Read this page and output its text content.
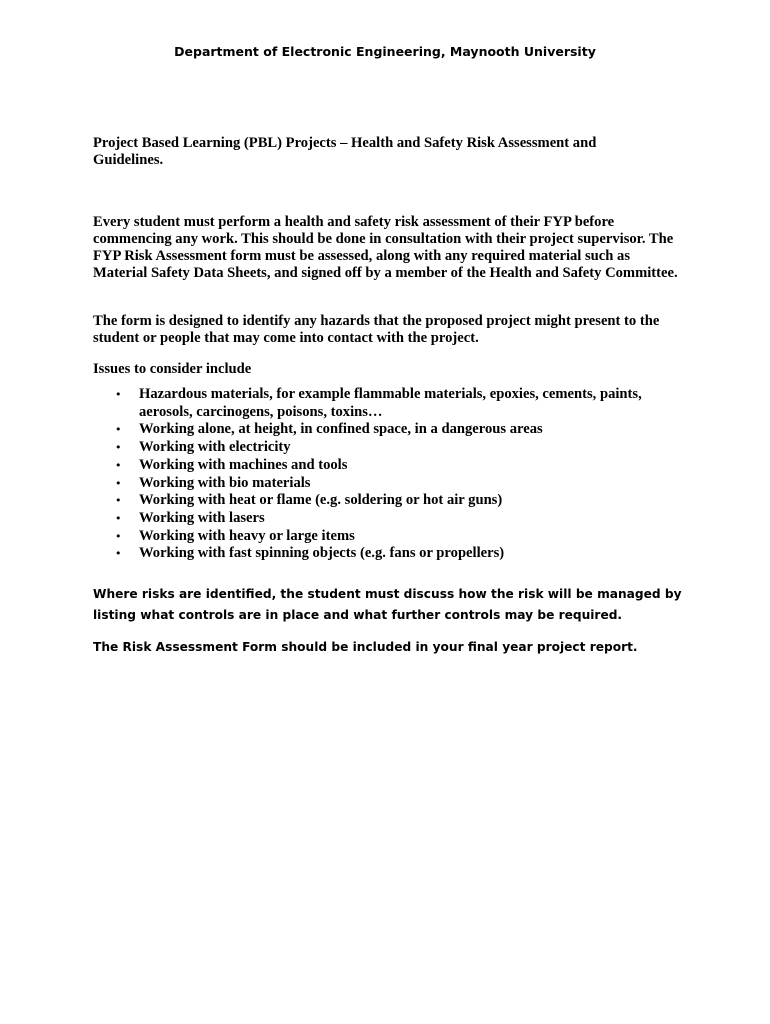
Department of Electronic Engineering, Maynooth University
Project Based Learning (PBL) Projects – Health and Safety Risk Assessment and Guidelines.
Every student must perform a health and safety risk assessment of their FYP before commencing any work. This should be done in consultation with their project supervisor. The FYP Risk Assessment form must be assessed, along with any required material such as Material Safety Data Sheets, and signed off by a member of the Health and Safety Committee.
The form is designed to identify any hazards that the proposed project might present to the student or people that may come into contact with the project.
Issues to consider include
• Hazardous materials, for example flammable materials, epoxies, cements, paints, aerosols, carcinogens, poisons, toxins…
• Working alone, at height, in confined space, in a dangerous areas
• Working with electricity
• Working with machines and tools
• Working with bio materials
• Working with heat or flame (e.g. soldering or hot air guns)
• Working with lasers
• Working with heavy or large items
• Working with fast spinning objects (e.g. fans or propellers)
Where risks are identified, the student must discuss how the risk will be managed by listing what controls are in place and what further controls may be required.
The Risk Assessment Form should be included in your final year project report.
